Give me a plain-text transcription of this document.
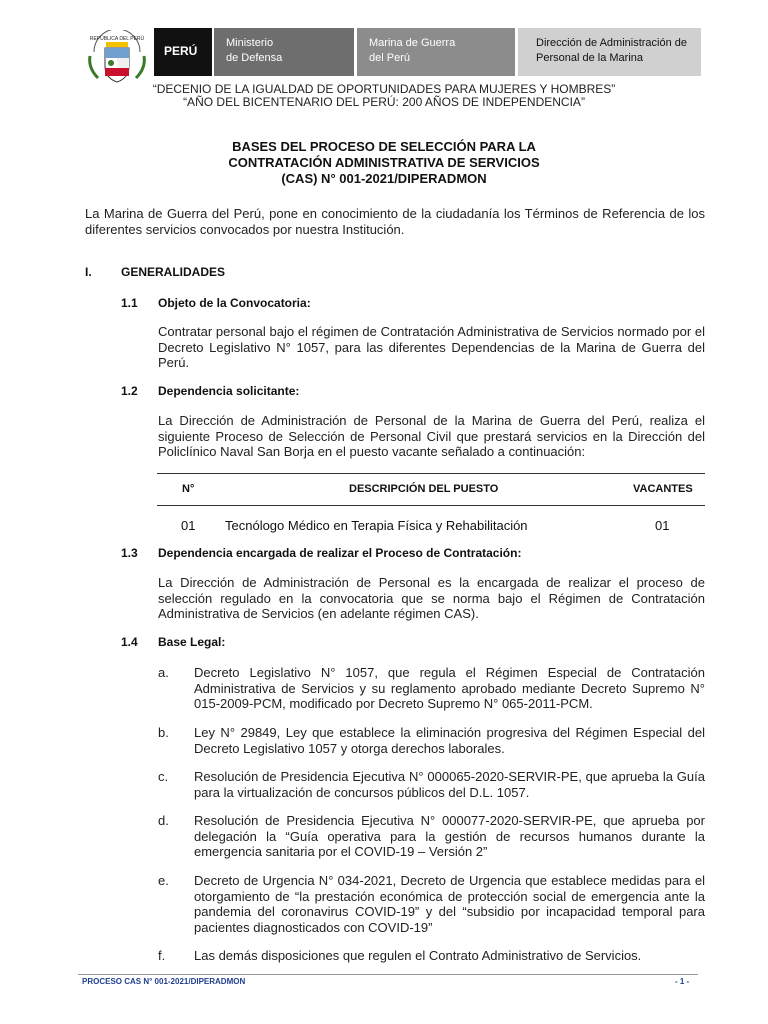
REPÚBLICA DEL PERÚ
PERÚ
Ministerio
de Defensa
Marina de Guerra
del Perú
Dirección de Administración de
Personal de la Marina
“DECENIO DE LA IGUALDAD DE OPORTUNIDADES PARA MUJERES Y HOMBRES”
“AÑO DEL BICENTENARIO DEL PERÚ: 200 AÑOS DE INDEPENDENCIA”
BASES DEL PROCESO DE SELECCIÓN PARA LA
CONTRATACIÓN ADMINISTRATIVA DE SERVICIOS
(CAS) N° 001-2021/DIPERADMON
La Marina de Guerra del Perú, pone en conocimiento de la ciudadanía los Términos de Referencia de los diferentes servicios convocados por nuestra Institución.
I. GENERALIDADES
1.1 Objeto de la Convocatoria:
Contratar personal bajo el régimen de Contratación Administrativa de Servicios normado por el Decreto Legislativo N° 1057, para las diferentes Dependencias de la Marina de Guerra del Perú.
1.2 Dependencia solicitante:
La Dirección de Administración de Personal de la Marina de Guerra del Perú, realiza el siguiente Proceso de Selección de Personal Civil que prestará servicios en la Dirección del Policlínico Naval San Borja en el puesto vacante señalado a continuación:
N°	DESCRIPCIÓN DEL PUESTO	VACANTES
01 Tecnólogo Médico en Terapia Física y Rehabilitación	01
1.3 Dependencia encargada de realizar el Proceso de Contratación:
La Dirección de Administración de Personal es la encargada de realizar el proceso de selección regulado en la convocatoria que se norma bajo el Régimen de Contratación Administrativa de Servicios (en adelante régimen CAS).
1.4 Base Legal:
a. Decreto Legislativo N° 1057, que regula el Régimen Especial de Contratación Administrativa de Servicios y su reglamento aprobado mediante Decreto Supremo N° 015-2009-PCM, modificado por Decreto Supremo N° 065-2011-PCM.
b. Ley N° 29849, Ley que establece la eliminación progresiva del Régimen Especial del Decreto Legislativo 1057 y otorga derechos laborales.
c. Resolución de Presidencia Ejecutiva N° 000065-2020-SERVIR-PE, que aprueba la Guía para la virtualización de concursos públicos del D.L. 1057.
d. Resolución de Presidencia Ejecutiva N° 000077-2020-SERVIR-PE, que aprueba por delegación la “Guía operativa para la gestión de recursos humanos durante la emergencia sanitaria por el COVID-19 – Versión 2”
e. Decreto de Urgencia N° 034-2021, Decreto de Urgencia que establece medidas para el otorgamiento de “la prestación económica de protección social de emergencia ante la pandemia del coronavirus COVID-19” y del “subsidio por incapacidad temporal para pacientes diagnosticados con COVID-19”
f. Las demás disposiciones que regulen el Contrato Administrativo de Servicios.
PROCESO CAS N° 001-2021/DIPERADMON	- 1 -
